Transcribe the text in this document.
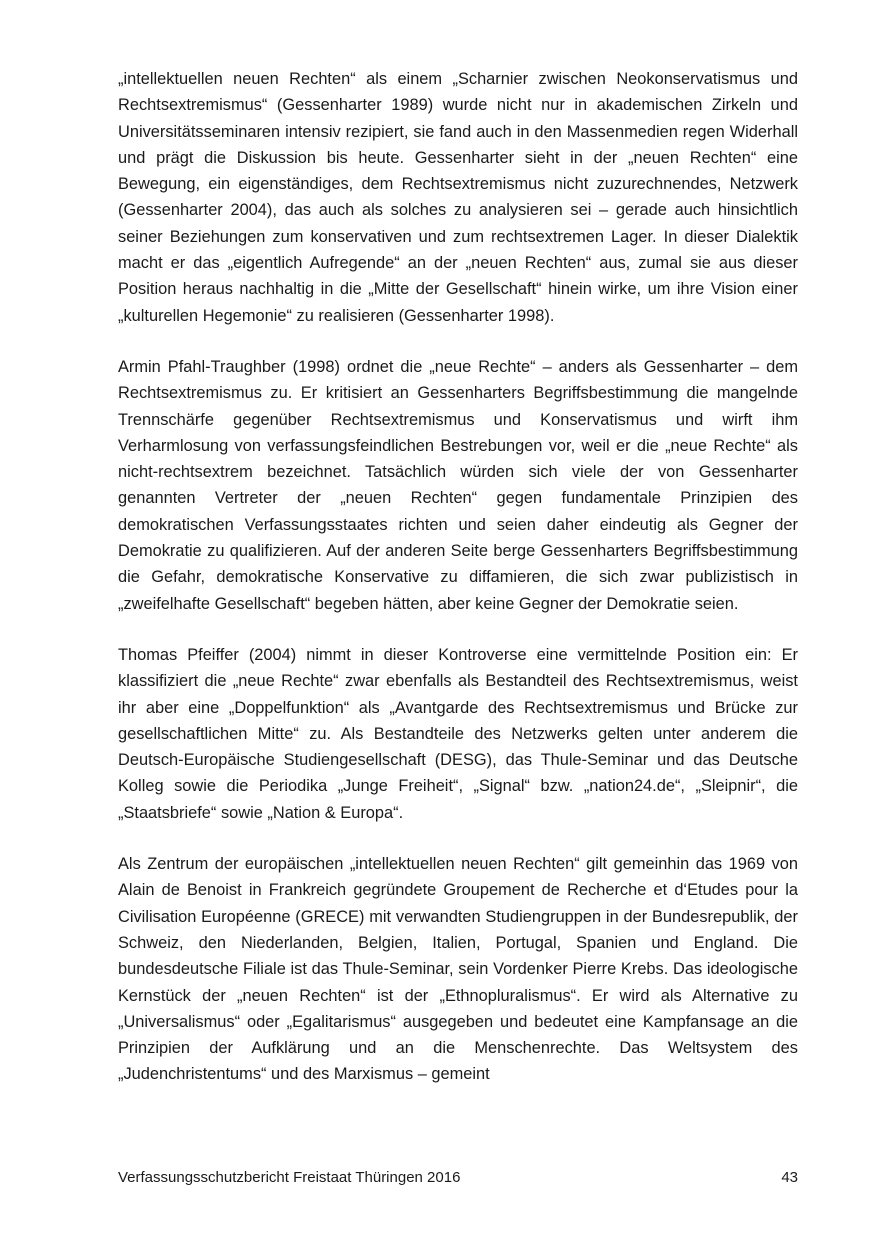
„intellektuellen neuen Rechten“ als einem „Scharnier zwischen Neokonservatismus und Rechtsextremismus“ (Gessenharter 1989) wurde nicht nur in akademischen Zirkeln und Universitätsseminaren intensiv rezipiert, sie fand auch in den Massenmedien regen Widerhall und prägt die Diskussion bis heute. Gessenharter sieht in der „neuen Rechten“ eine Bewegung, ein eigenständiges, dem Rechtsextremismus nicht zuzurechnendes, Netzwerk (Gessenharter 2004), das auch als solches zu analysieren sei – gerade auch hinsichtlich seiner Beziehungen zum konservativen und zum rechtsextremen Lager. In dieser Dialektik macht er das „eigentlich Aufregende“ an der „neuen Rechten“ aus, zumal sie aus dieser Position heraus nachhaltig in die „Mitte der Gesellschaft“ hinein wirke, um ihre Vision einer „kulturellen Hegemonie“ zu realisieren (Gessenharter 1998).

Armin Pfahl-Traughber (1998) ordnet die „neue Rechte“ – anders als Gessenharter – dem Rechtsextremismus zu. Er kritisiert an Gessenharters Begriffsbestimmung die mangelnde Trennschärfe gegenüber Rechtsextremismus und Konservatismus und wirft ihm Verharmlosung von verfassungsfeindlichen Bestrebungen vor, weil er die „neue Rechte“ als nicht-rechtsextrem bezeichnet. Tatsächlich würden sich viele der von Gessenharter genannten Vertreter der „neuen Rechten“ gegen fundamentale Prinzipien des demokratischen Verfassungsstaates richten und seien daher eindeutig als Gegner der Demokratie zu qualifizieren. Auf der anderen Seite berge Gessenharters Begriffsbestimmung die Gefahr, demokratische Konservative zu diffamieren, die sich zwar publizistisch in „zweifelhafte Gesellschaft“ begeben hätten, aber keine Gegner der Demokratie seien.

Thomas Pfeiffer (2004) nimmt in dieser Kontroverse eine vermittelnde Position ein: Er klassifiziert die „neue Rechte“ zwar ebenfalls als Bestandteil des Rechtsextremismus, weist ihr aber eine „Doppelfunktion“ als „Avantgarde des Rechtsextremismus und Brücke zur gesellschaftlichen Mitte“ zu. Als Bestandteile des Netzwerks gelten unter anderem die Deutsch-Europäische Studiengesellschaft (DESG), das Thule-Seminar und das Deutsche Kolleg sowie die Periodika „Junge Freiheit“, „Signal“ bzw. „nation24.de“, „Sleipnir“, die „Staatsbriefe“ sowie „Nation & Europa“.

Als Zentrum der europäischen „intellektuellen neuen Rechten“ gilt gemeinhin das 1969 von Alain de Benoist in Frankreich gegründete Groupement de Recherche et d‘Etudes pour la Civilisation Européenne (GRECE) mit verwandten Studiengruppen in der Bundesrepublik, der Schweiz, den Niederlanden, Belgien, Italien, Portugal, Spanien und England. Die bundesdeutsche Filiale ist das Thule-Seminar, sein Vordenker Pierre Krebs. Das ideologische Kernstück der „neuen Rechten“ ist der „Ethnopluralismus“. Er wird als Alternative zu „Universalismus“ oder „Egalitarismus“ ausgegeben und bedeutet eine Kampfansage an die Prinzipien der Aufklärung und an die Menschenrechte. Das Weltsystem des „Judenchristentums“ und des Marxismus – gemeint

Verfassungsschutzbericht Freistaat Thüringen 2016	43
